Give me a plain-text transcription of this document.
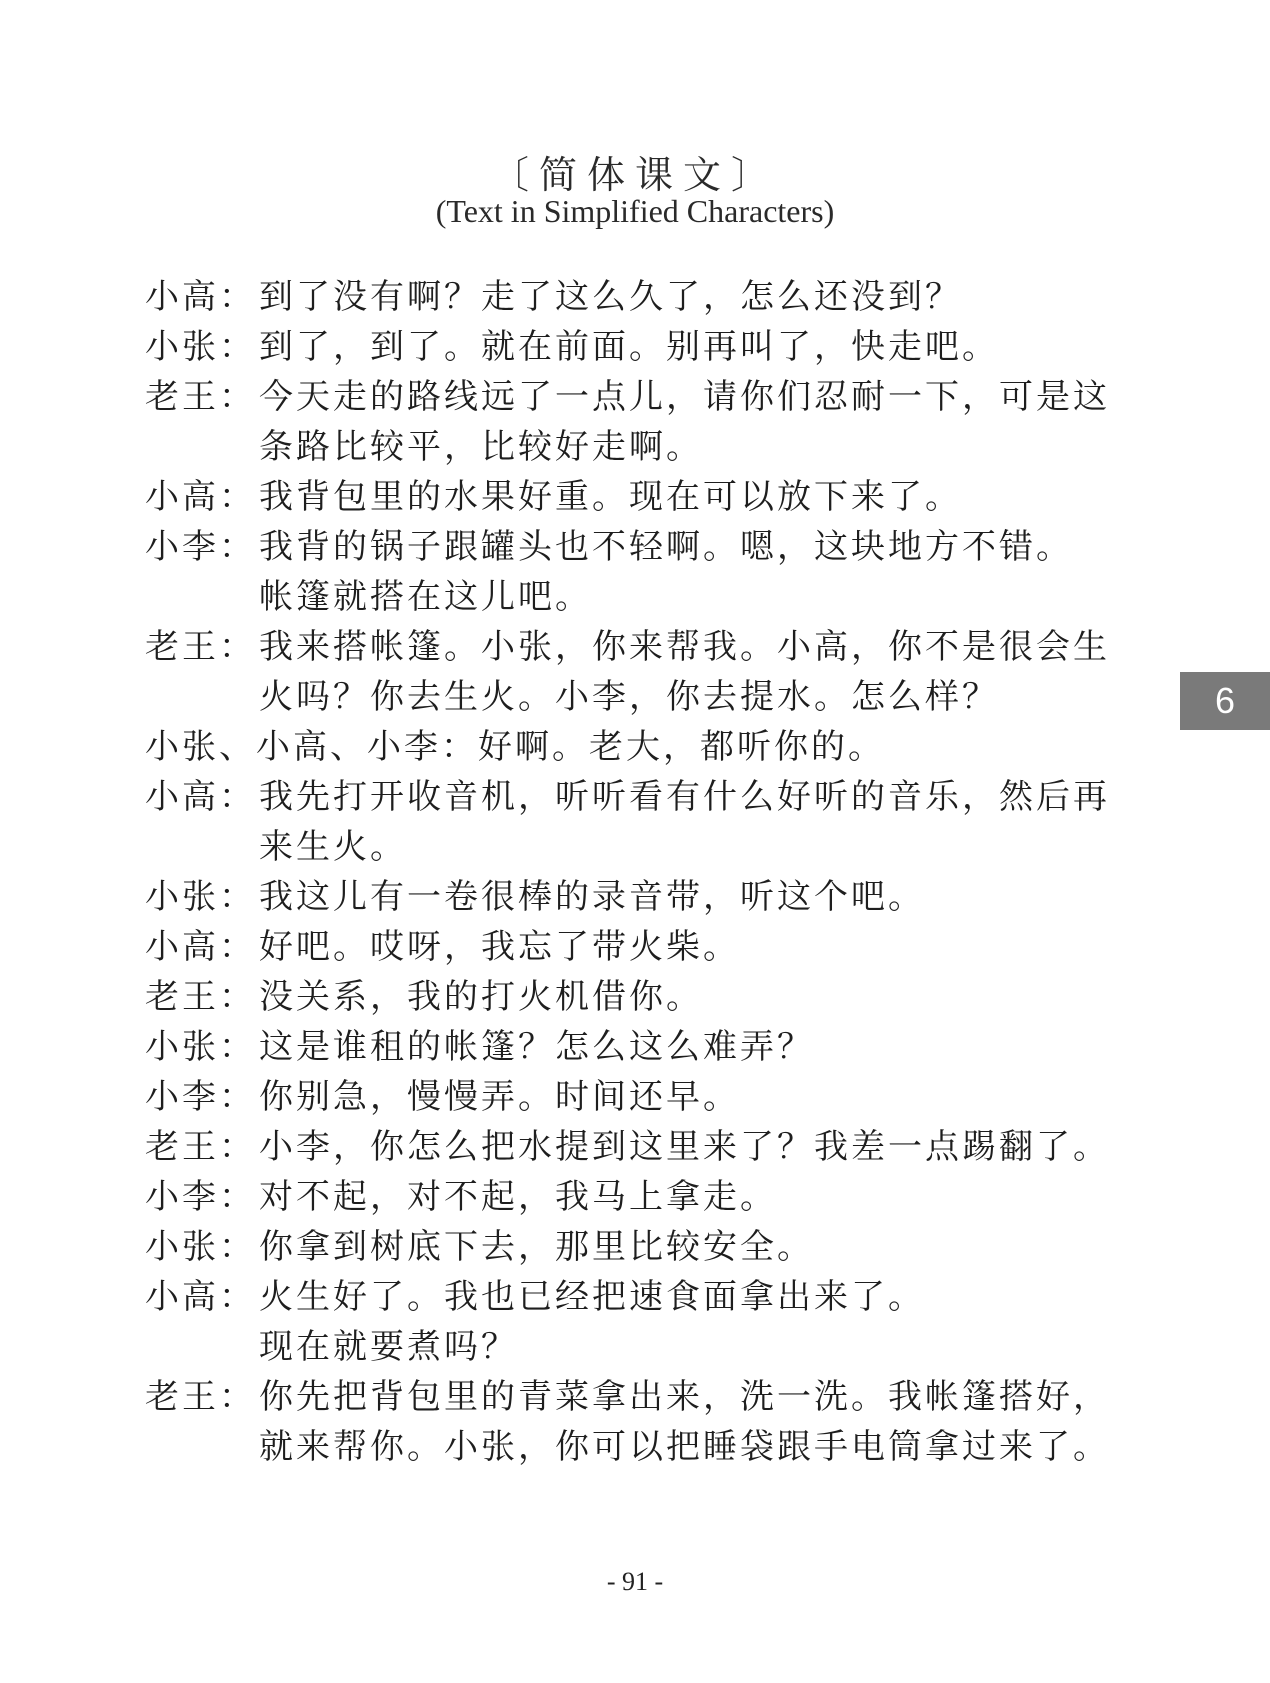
〔简体课文〕
(Text in Simplified Characters)
小高： 到了没有啊？走了这么久了，怎么还没到？
小张： 到了，到了。就在前面。别再叫了，快走吧。
老王： 今天走的路线远了一点儿，请你们忍耐一下，可是这
条路比较平，比较好走啊。
小高： 我背包里的水果好重。现在可以放下来了。
小李： 我背的锅子跟罐头也不轻啊。嗯，这块地方不错。
帐篷就搭在这儿吧。
老王： 我来搭帐篷。小张，你来帮我。小高，你不是很会生
火吗？你去生火。小李，你去提水。怎么样？
小张、小高、小李： 好啊。老大，都听你的。
小高： 我先打开收音机，听听看有什么好听的音乐，然后再
来生火。
小张： 我这儿有一卷很棒的录音带，听这个吧。
小高： 好吧。哎呀，我忘了带火柴。
老王： 没关系，我的打火机借你。
小张： 这是谁租的帐篷？怎么这么难弄？
小李： 你别急，慢慢弄。时间还早。
老王： 小李，你怎么把水提到这里来了？我差一点踢翻了。
小李： 对不起，对不起，我马上拿走。
小张： 你拿到树底下去，那里比较安全。
小高： 火生好了。我也已经把速食面拿出来了。
现在就要煮吗？
老王： 你先把背包里的青菜拿出来，洗一洗。我帐篷搭好，
就来帮你。小张，你可以把睡袋跟手电筒拿过来了。
6
- 91 -
